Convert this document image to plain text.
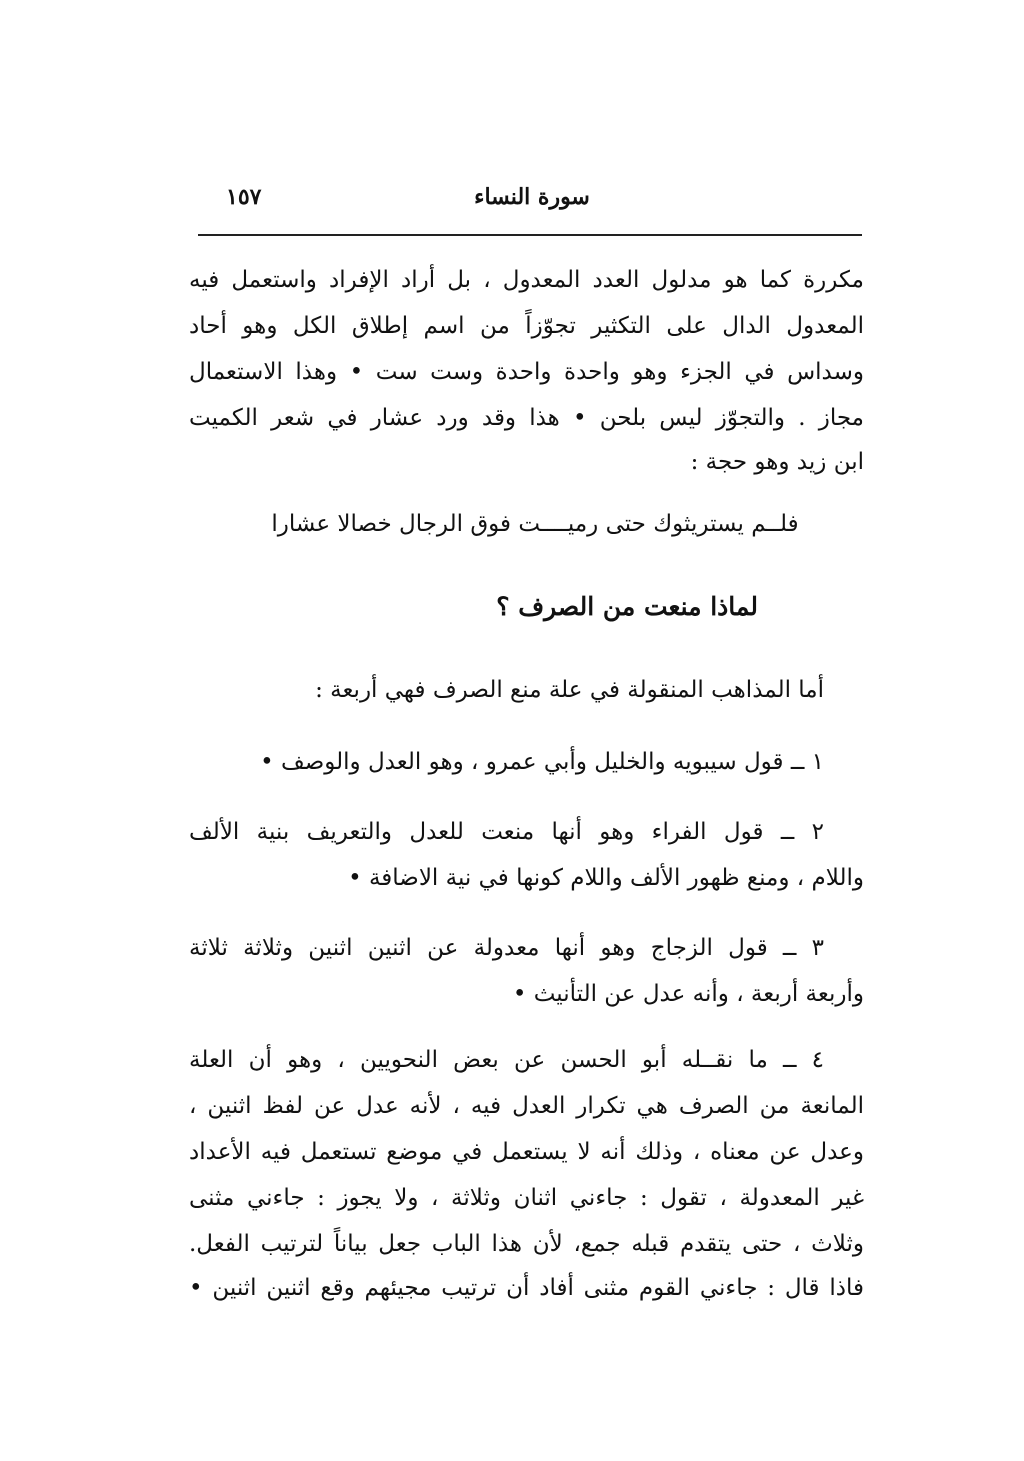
سورة النساء
١٥٧
مكررة كما هو مدلول العدد المعدول ، بل أراد الإفراد واستعمل فيه
المعدول الدال على التكثير تجوّزاً من اسم إطلاق الكل وهو أحاد
وسداس في الجزء وهو واحدة واحدة وست ست • وهذا الاستعمال
مجاز . والتجوّز ليس بلحن • هذا وقد ورد عشار في شعر الكميت
ابن زيد وهو حجة :
فلــم يستريثوك حتى رميــــت فوق الرجال خصالا عشارا
لماذا منعت من الصرف ؟
أما المذاهب المنقولة في علة منع الصرف فهي أربعة :
١ ــ قول سيبويه والخليل وأبي عمرو ، وهو العدل والوصف •
٢ ــ قول الفراء وهو أنها منعت للعدل والتعريف بنية الألف
واللام ، ومنع ظهور الألف واللام كونها في نية الاضافة •
٣ ــ قول الزجاج وهو أنها معدولة عن اثنين اثنين وثلاثة ثلاثة
وأربعة أربعة ، وأنه عدل عن التأنيث •
٤ ــ ما نقــله أبو الحسن عن بعض النحويين ، وهو أن العلة
المانعة من الصرف هي تكرار العدل فيه ، لأنه عدل عن لفظ اثنين ،
وعدل عن معناه ، وذلك أنه لا يستعمل في موضع تستعمل فيه الأعداد
غير المعدولة ، تقول : جاءني اثنان وثلاثة ، ولا يجوز : جاءني مثنى
وثلاث ، حتى يتقدم قبله جمع، لأن هذا الباب جعل بياناً لترتيب الفعل.
فاذا قال : جاءني القوم مثنى أفاد أن ترتيب مجيئهم وقع اثنين اثنين •
